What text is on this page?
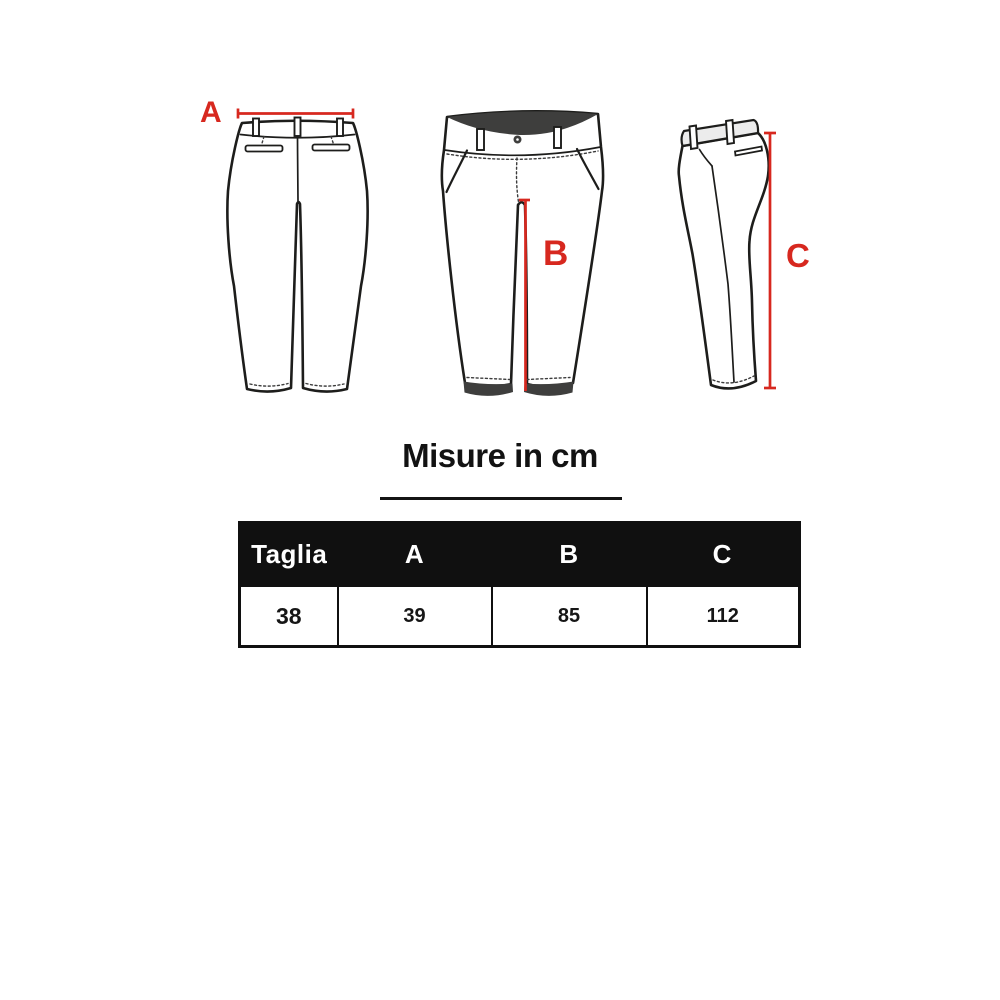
A
B	C
Misure in cm
Taglia	A	B	C
38	39	85	112
